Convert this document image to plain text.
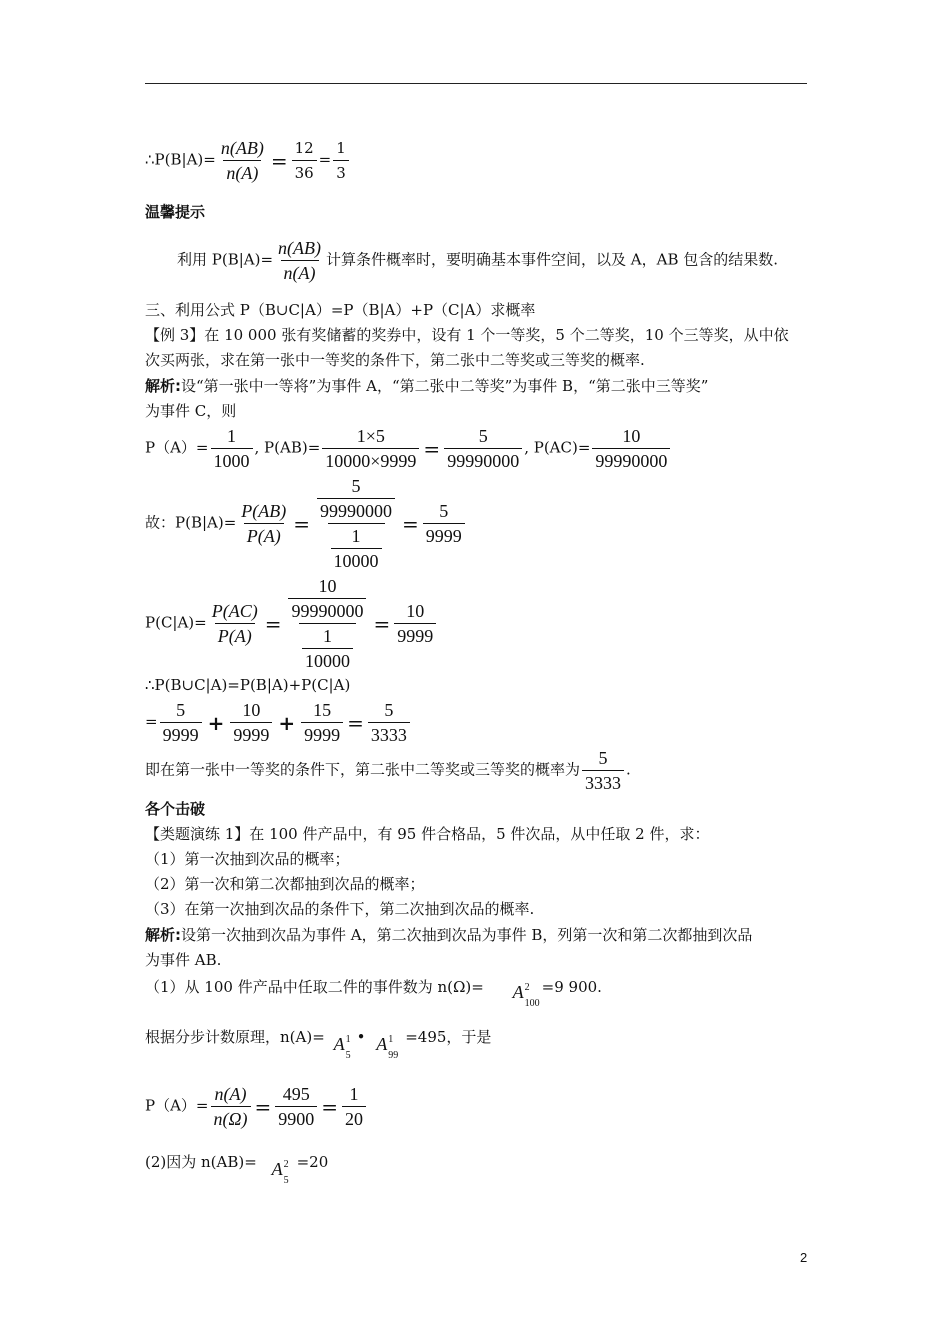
∴P(B|A)= $\frac{n(AB)}{n(A)} = \frac{12}{36} = \frac{1}{3}$
温馨提示
利用 $P(B|A)= \frac{n(AB)}{n(A)}$ 计算条件概率时，要明确基本事件空间，以及 A，AB 包含的结果数.
三、利用公式 P（B∪C|A）=P（B|A）+P（C|A）求概率
【例 3】在 10 000 张有奖储蓄的奖券中，设有 1 个一等奖，5 个二等奖，10 个三等奖，从中依
次买两张，求在第一张中一等奖的条件下，第二张中二等奖或三等奖的概率.
解析:设“第一张中一等将”为事件 A，“第二张中二等奖”为事件 B，“第二张中三等奖”
为事件 C，则
$P(A)= \frac{1}{1000}$ , $P(AB)= \frac{1\times 5}{10000\times 9999} = \frac{5}{99990000}$ , $P(AC)= \frac{10}{99990000}$
故：$P(B|A)= \frac{P(AB)}{P(A)} = \frac{\frac{5}{99990000}}{\frac{1}{10000}} = \frac{5}{9999}$
$P(C|A)= \frac{P(AC)}{P(A)} = \frac{\frac{10}{99990000}}{\frac{1}{10000}} = \frac{10}{9999}$
∴P(B∪C|A)=P(B|A)+P(C|A)
= $\frac{5}{9999} + \frac{10}{9999} + \frac{15}{9999} = \frac{5}{3333}$
即在第一张中一等奖的条件下，第二张中二等奖或三等奖的概率为 $\frac{5}{3333}$ .
各个击破
【类题演练 1】在 100 件产品中，有 95 件合格品，5 件次品，从中任取 2 件，求：
（1）第一次抽到次品的概率；
（2）第一次和第二次都抽到次品的概率；
（3）在第一次抽到次品的条件下，第二次抽到次品的概率.
解析:设第一次抽到次品为事件 A，第二次抽到次品为事件 B，列第一次和第二次都抽到次品
为事件 AB.
（1）从 100 件产品中任取二件的事件数为 n(Ω)= A 2
100
=9 900.
根据分步计数原理，n(A)= A 1
5
• A 1
99
=495，于是
$P(A)= \frac{n(A)}{n(\Omega)} = \frac{495}{9900} = \frac{1}{20}$
(2)因为 n(AB)= A 2
5
=20
2
